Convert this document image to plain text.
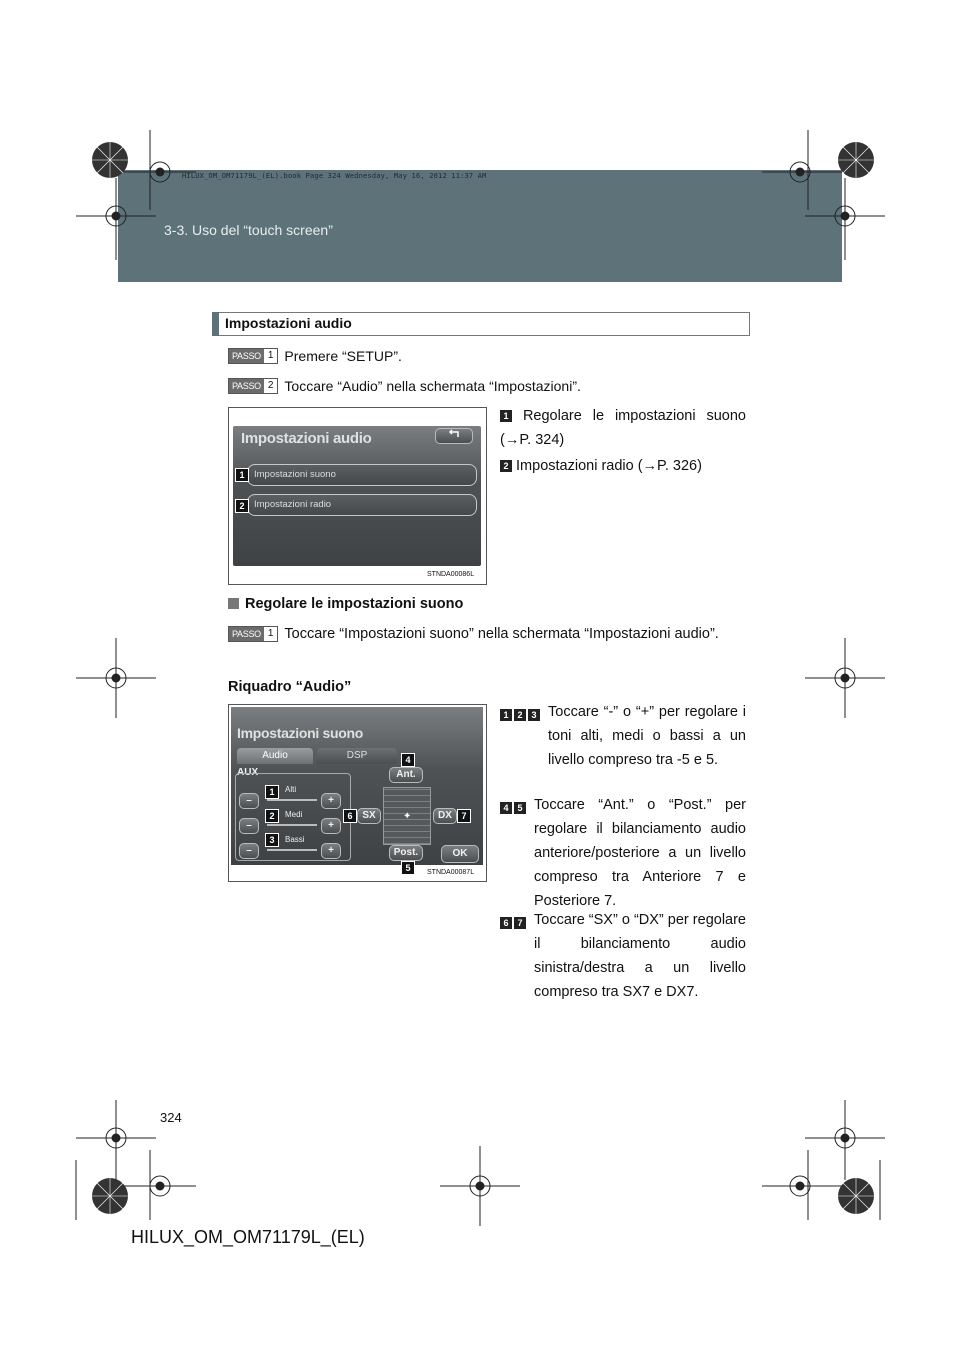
3-3. Uso del “touch screen”
HILUX_OM_OM71179L_(EL).book Page 324 Wednesday, May 16, 2012 11:37 AM
Impostazioni audio
PASSO 1 Premere “SETUP”.
PASSO 2 Toccare “Audio” nella schermata “Impostazioni”.
Impostazioni audio
Impostazioni suono
Impostazioni radio
1
2
STNDA00086L
1 Regolare le impostazioni suono (→P. 324)
2 Impostazioni radio (→P. 326)
Regolare le impostazioni suono
PASSO 1 Toccare “Impostazioni suono” nella schermata “Impostazioni audio”.
Riquadro “Audio”
Impostazioni suono
Audio	DSP
AUX
Alti
Medi
Bassi
–	+
–	+
–	+
✦
Ant.
Post.
SX	DX
OK
1
2
3
4
5
6	7
STNDA00087L
1 2 3 Toccare “-” o “+” per regolare i toni alti, medi o bassi a un livello compreso tra -5 e 5.
4 5 Toccare “Ant.” o “Post.” per regolare il bilanciamento audio anteriore/posteriore a un livello compreso tra Anteriore 7 e Posteriore 7.
6 7 Toccare “SX” o “DX” per regolare il bilanciamento audio sinistra/destra a un livello compreso tra SX7 e DX7.
324
HILUX_OM_OM71179L_(EL)
